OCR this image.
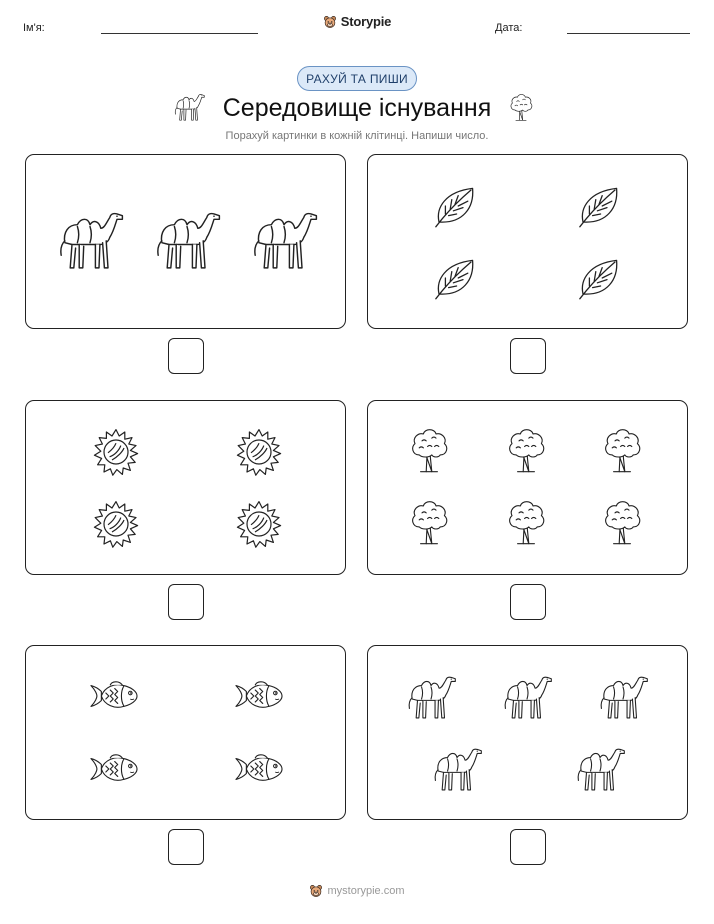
Ім'я:	Storypie	Дата:
РАХУЙ ТА ПИШИ
Середовище існування
Порахуй картинки в кожній клітинці. Напиши число.
mystorypie.com
